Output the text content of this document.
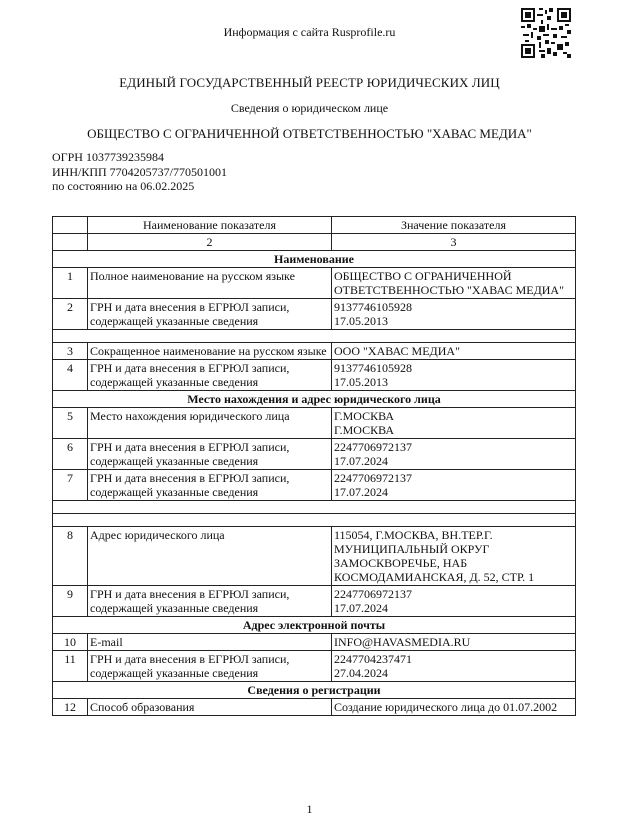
Информация с сайта Rusprofile.ru
ЕДИНЫЙ ГОСУДАРСТВЕННЫЙ РЕЕСТР ЮРИДИЧЕСКИХ ЛИЦ
Сведения о юридическом лице
ОБЩЕСТВО С ОГРАНИЧЕННОЙ ОТВЕТСТВЕННОСТЬЮ "ХАВАС МЕДИА"
ОГРН 1037739235984
ИНН/КПП 7704205737/770501001
по состоянию на 06.02.2025
	Наименование показателя	Значение показателя
	2	3
Наименование		
1	Полное наименование на русском языке	ОБЩЕСТВО С ОГРАНИЧЕННОЙ ОТВЕТСТВЕННОСТЬЮ "ХАВАС МЕДИА"
2	ГРН и дата внесения в ЕГРЮЛ записи, содержащей указанные сведения	9137746105928
17.05.2013

3	Сокращенное наименование на русском языке	ООО "ХАВАС МЕДИА"
4	ГРН и дата внесения в ЕГРЮЛ записи, содержащей указанные сведения	9137746105928
17.05.2013

Место нахождения и адрес юридического лица		
5	Место нахождения юридического лица	Г.МОСКВА
Г.МОСКВА

6	ГРН и дата внесения в ЕГРЮЛ записи, содержащей указанные сведения	2247706972137
17.07.2024

7	ГРН и дата внесения в ЕГРЮЛ записи, содержащей указанные сведения	2247706972137
17.07.2024

8	Адрес юридического лица	115054, Г.МОСКВА, ВН.ТЕР.Г. МУНИЦИПАЛЬНЫЙ ОКРУГ ЗАМОСКВОРЕЧЬЕ, НАБ КОСМОДАМИАНСКАЯ, Д. 52, СТР. 1
9	ГРН и дата внесения в ЕГРЮЛ записи, содержащей указанные сведения	2247706972137
17.07.2024

Адрес электронной почты		
10	E-mail	INFO@HAVASMEDIA.RU
11	ГРН и дата внесения в ЕГРЮЛ записи, содержащей указанные сведения	2247704237471
27.04.2024

Сведения о регистрации		
12	Способ образования	Создание юридического лица до 01.07.2002
1
